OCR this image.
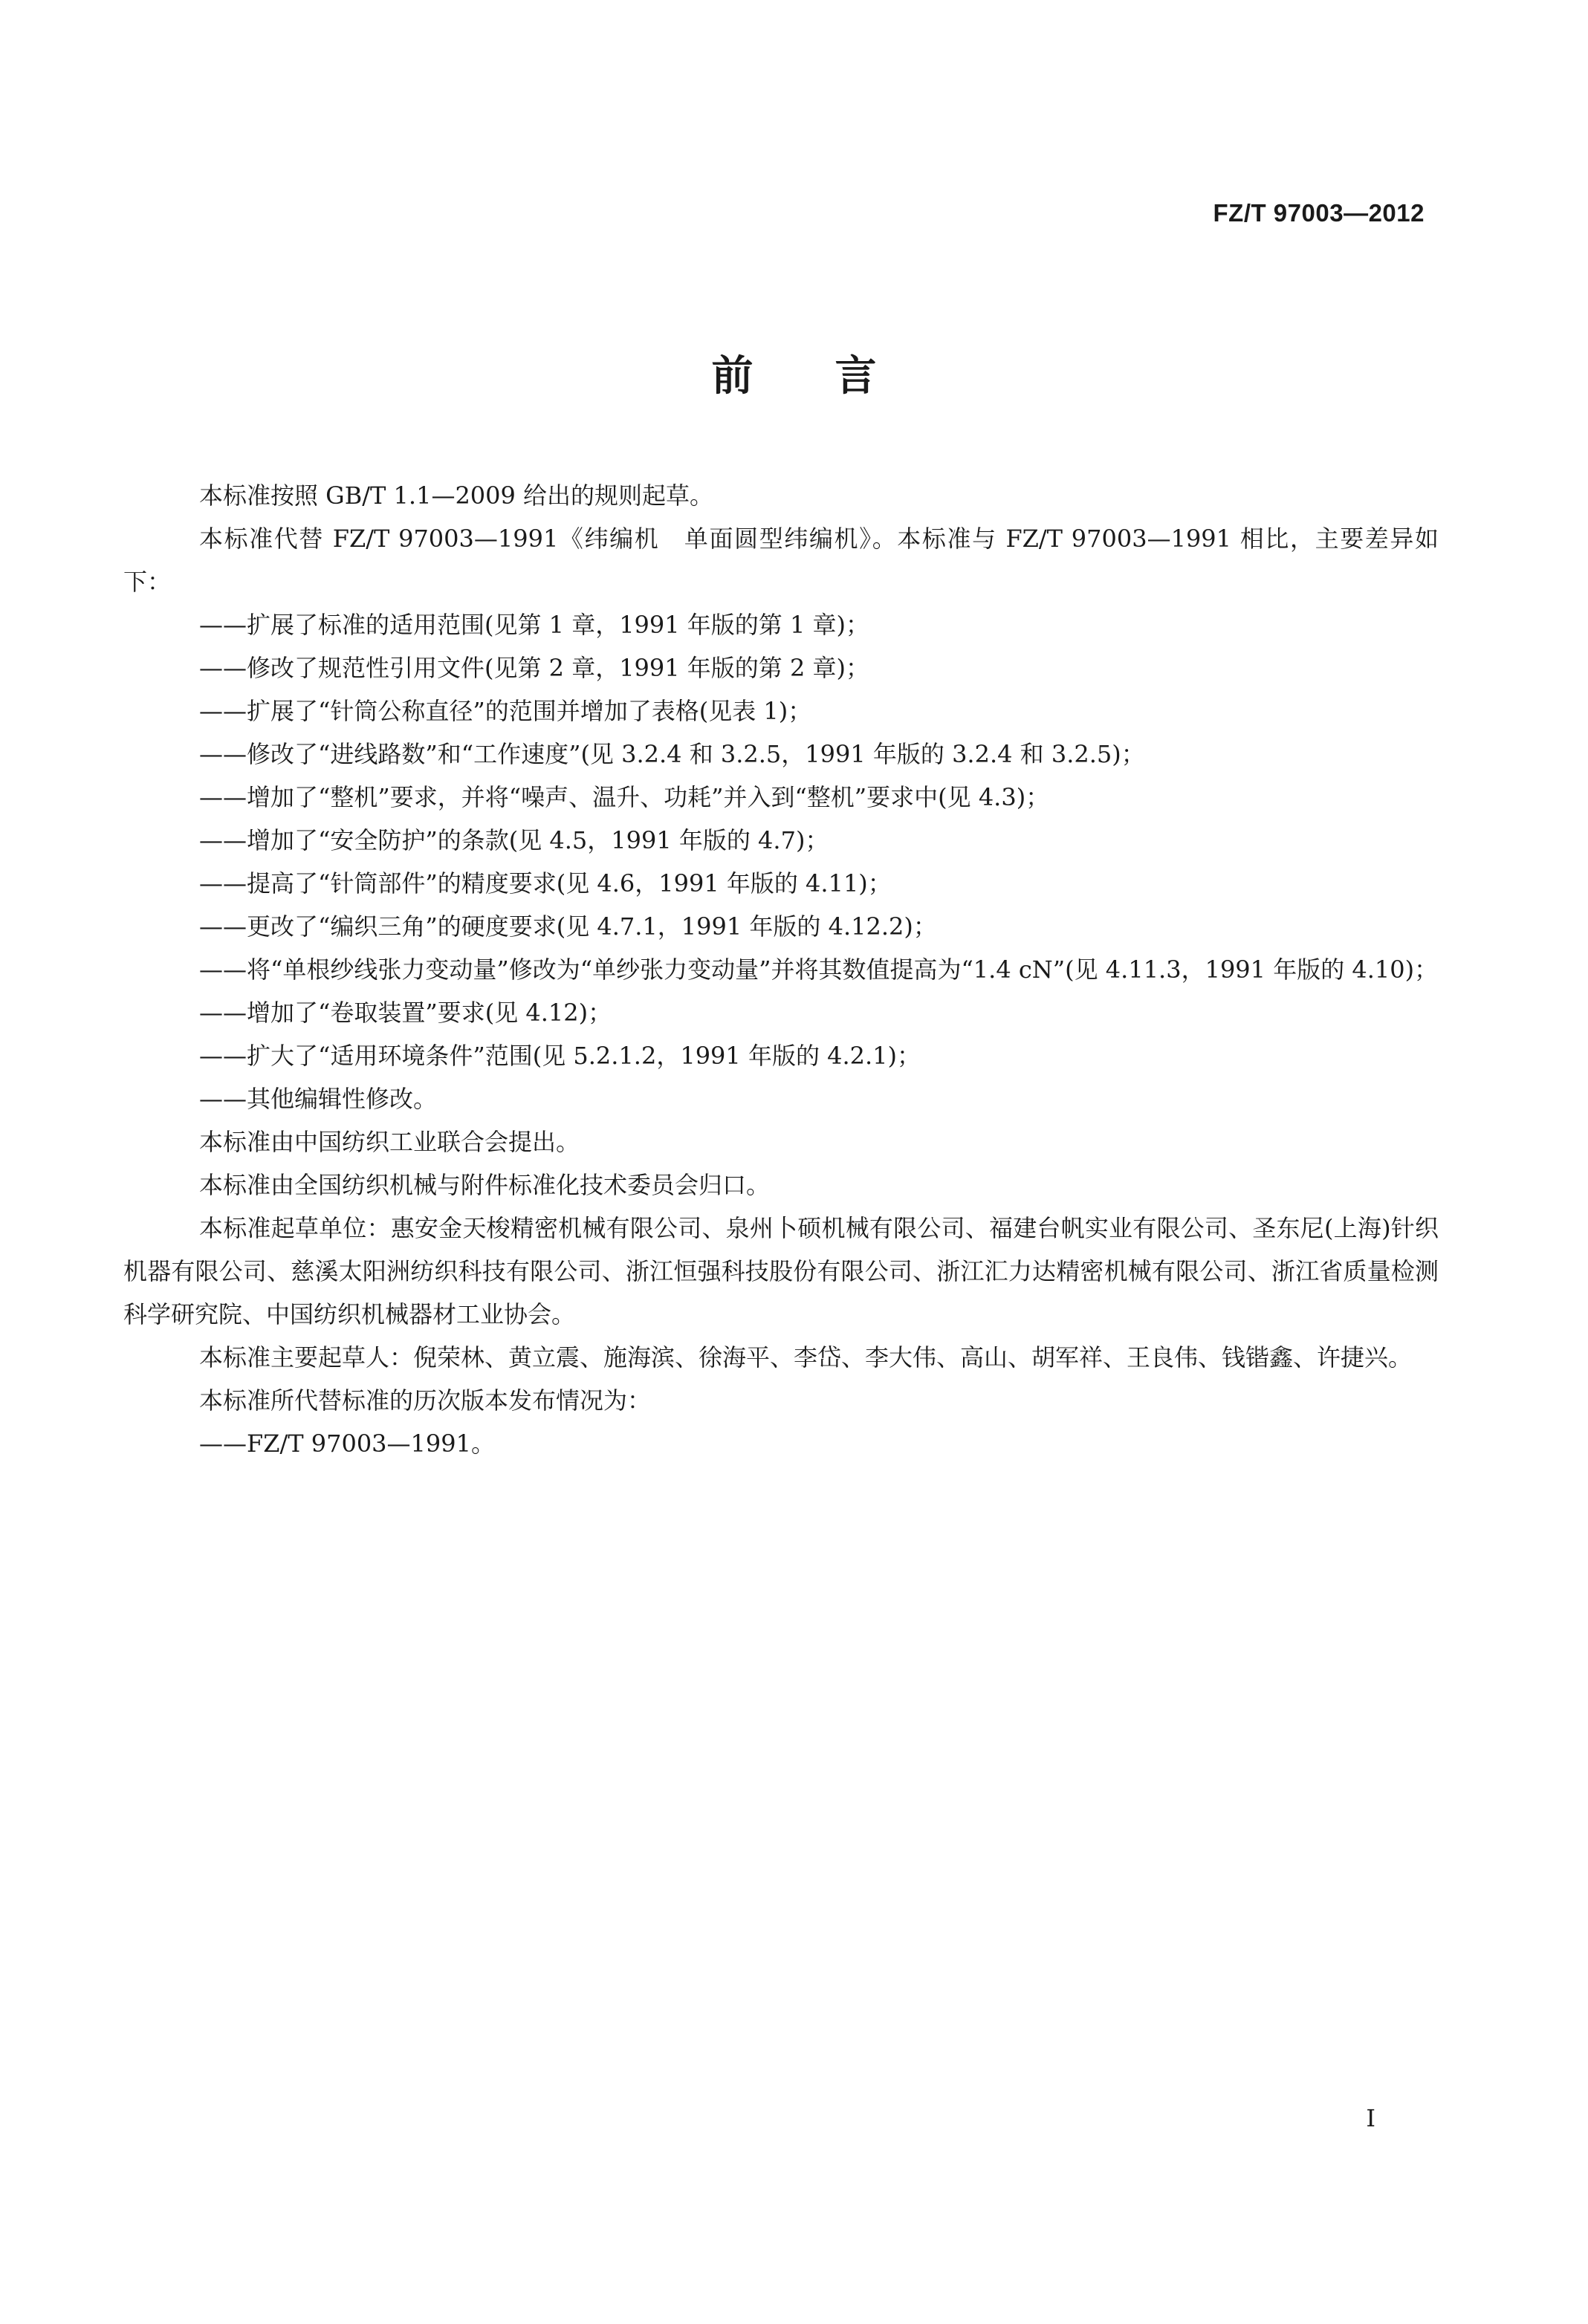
FZ/T 97003—2012
前言

本标准按照 GB/T 1.1—2009 给出的规则起草。

本标准代替 FZ/T 97003—1991《纬编机　单面圆型纬编机》。本标准与 FZ/T 97003—1991 相比，主要差异如下：

—— 扩展了标准的适用范围(见第 1 章，1991 年版的第 1 章)；
—— 修改了规范性引用文件(见第 2 章，1991 年版的第 2 章)；
—— 扩展了“针筒公称直径”的范围并增加了表格(见表 1)；
—— 修改了“进线路数”和“工作速度”(见 3.2.4 和 3.2.5，1991 年版的 3.2.4 和 3.2.5)；
—— 增加了“整机”要求，并将“噪声、温升、功耗”并入到“整机”要求中(见 4.3)；
—— 增加了“安全防护”的条款(见 4.5，1991 年版的 4.7)；
—— 提高了“针筒部件”的精度要求(见 4.6，1991 年版的 4.11)；
—— 更改了“编织三角”的硬度要求(见 4.7.1，1991 年版的 4.12.2)；
—— 将“单根纱线张力变动量”修改为“单纱张力变动量”并将其数值提高为“1.4 cN”(见 4.11.3，1991 年版的 4.10)；
—— 增加了“卷取装置”要求(见 4.12)；
—— 扩大了“适用环境条件”范围(见 5.2.1.2，1991 年版的 4.2.1)；
—— 其他编辑性修改。

本标准由中国纺织工业联合会提出。

本标准由全国纺织机械与附件标准化技术委员会归口。

本标准起草单位：惠安金天梭精密机械有限公司、泉州卜硕机械有限公司、福建台帆实业有限公司、圣东尼(上海)针织机器有限公司、慈溪太阳洲纺织科技有限公司、浙江恒强科技股份有限公司、浙江汇力达精密机械有限公司、浙江省质量检测科学研究院、中国纺织机械器材工业协会。

本标准主要起草人：倪荣林、黄立震、施海滨、徐海平、李岱、李大伟、高山、胡军祥、王良伟、钱锴鑫、许捷兴。

本标准所代替标准的历次版本发布情况为：

—— FZ/T 97003—1991。
I
